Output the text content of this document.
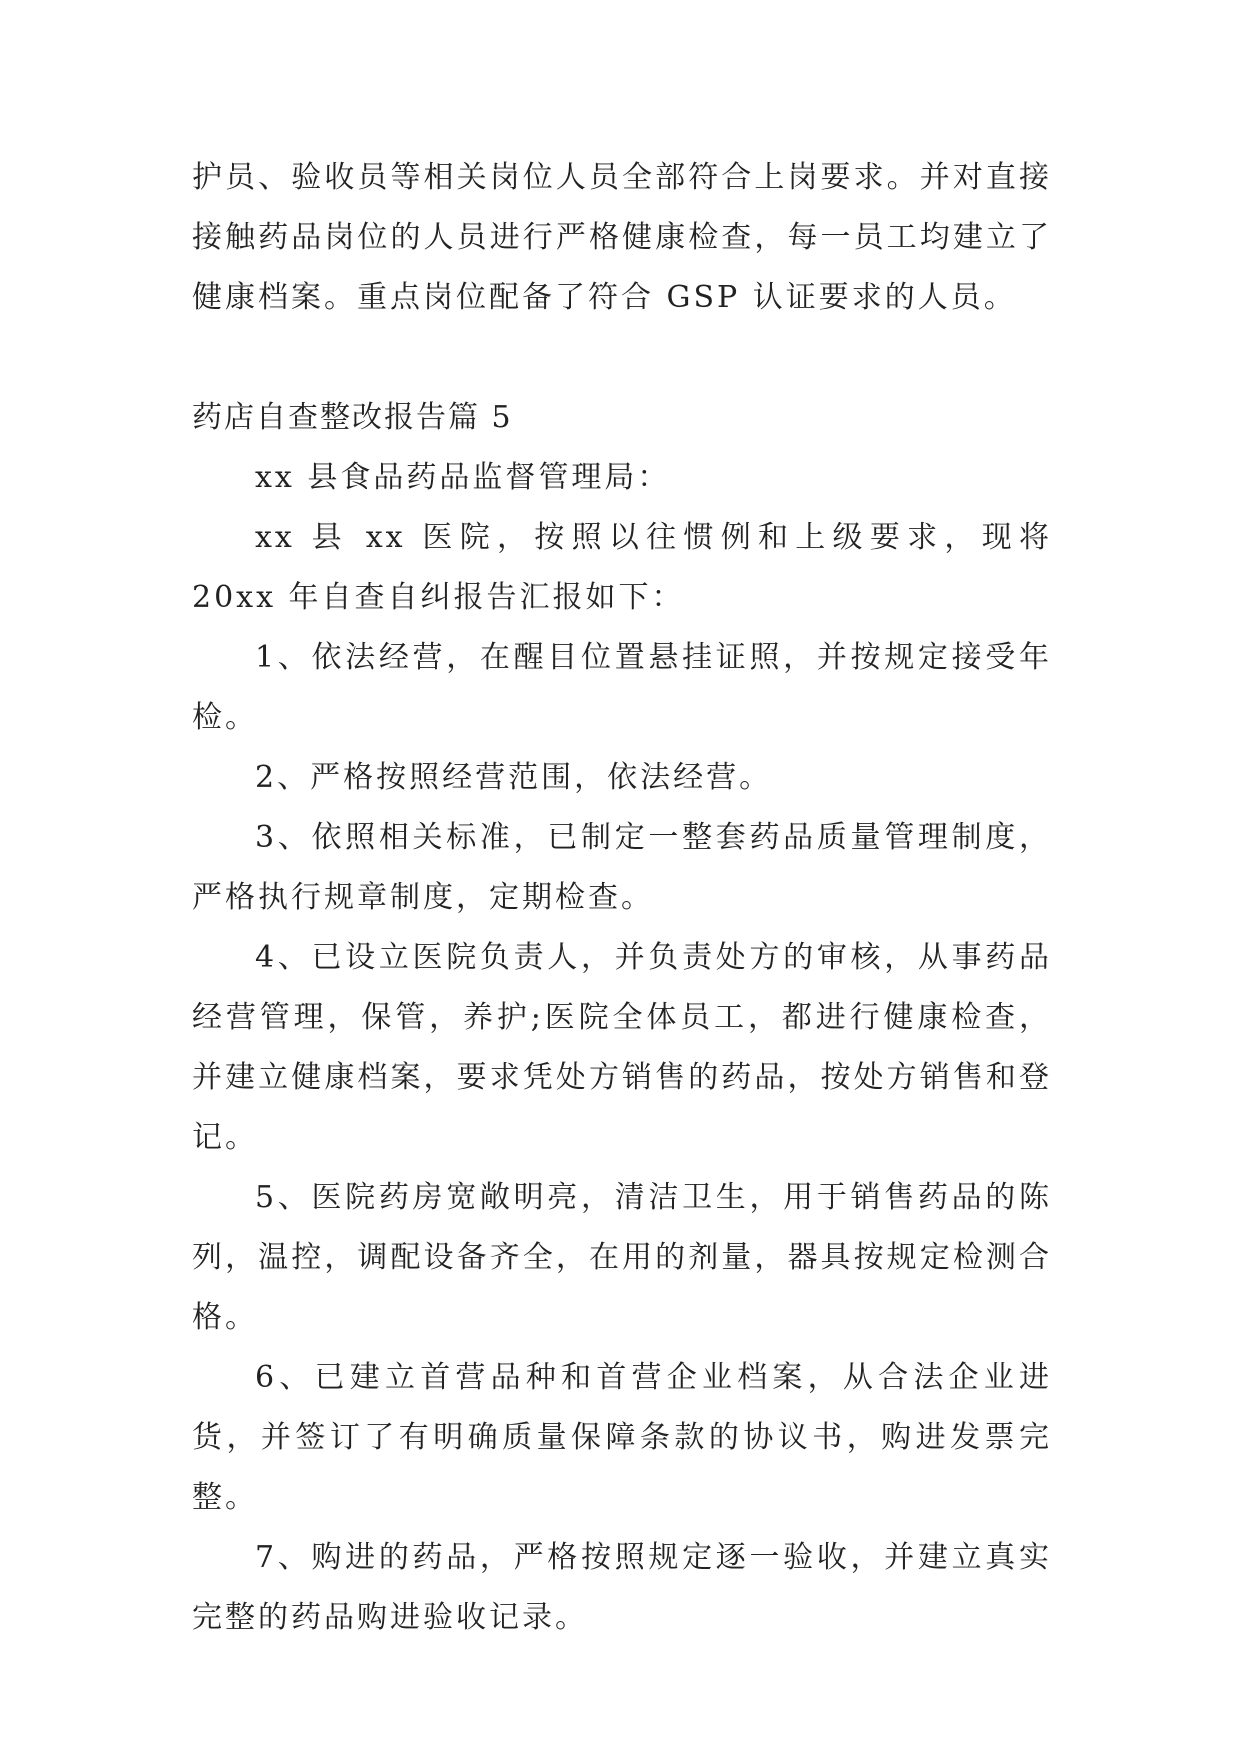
护员、验收员等相关岗位人员全部符合上岗要求。并对直接接触药品岗位的人员进行严格健康检查，每一员工均建立了健康档案。重点岗位配备了符合 GSP 认证要求的人员。

药店自查整改报告篇 5

xx 县食品药品监督管理局：

xx 县 xx 医院，按照以往惯例和上级要求，现将 20xx 年自查自纠报告汇报如下：

1、依法经营，在醒目位置悬挂证照，并按规定接受年检。

2、严格按照经营范围，依法经营。

3、依照相关标准，已制定一整套药品质量管理制度，严格执行规章制度，定期检查。

4、已设立医院负责人，并负责处方的审核，从事药品经营管理，保管，养护;医院全体员工，都进行健康检查，并建立健康档案，要求凭处方销售的药品，按处方销售和登记。

5、医院药房宽敞明亮，清洁卫生，用于销售药品的陈列，温控，调配设备齐全，在用的剂量，器具按规定检测合格。

6、已建立首营品种和首营企业档案，从合法企业进货，并签订了有明确质量保障条款的协议书，购进发票完整。

7、购进的药品，严格按照规定逐一验收，并建立真实完整的药品购进验收记录。
